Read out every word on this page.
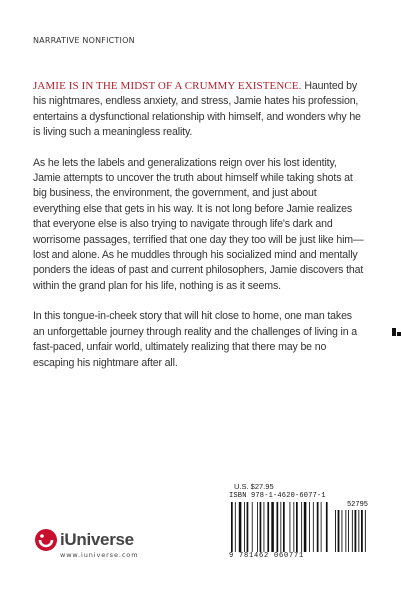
NARRATIVE NONFICTION

JAMIE IS IN THE MIDST OF A CRUMMY EXISTENCE. Haunted by his nightmares, endless anxiety, and stress, Jamie hates his profession, entertains a dysfunctional relationship with himself, and wonders why he is living such a meaningless reality.

As he lets the labels and generalizations reign over his lost identity, Jamie attempts to uncover the truth about himself while taking shots at big business, the environment, the government, and just about everything else that gets in his way. It is not long before Jamie realizes that everyone else is also trying to navigate through life's dark and worrisome passages, terrified that one day they too will be just like him—lost and alone. As he muddles through his socialized mind and mentally ponders the ideas of past and current philosophers, Jamie discovers that within the grand plan for his life, nothing is as it seems.

In this tongue-in-cheek story that will hit close to home, one man takes an unforgettable journey through reality and the challenges of living in a fast-paced, unfair world, ultimately realizing that there may be no escaping his nightmare after all.

U.S. $27.95
ISBN 978-1-4620-6077-1
52795
9 781462 060771
iUniverse
www.iuniverse.com
